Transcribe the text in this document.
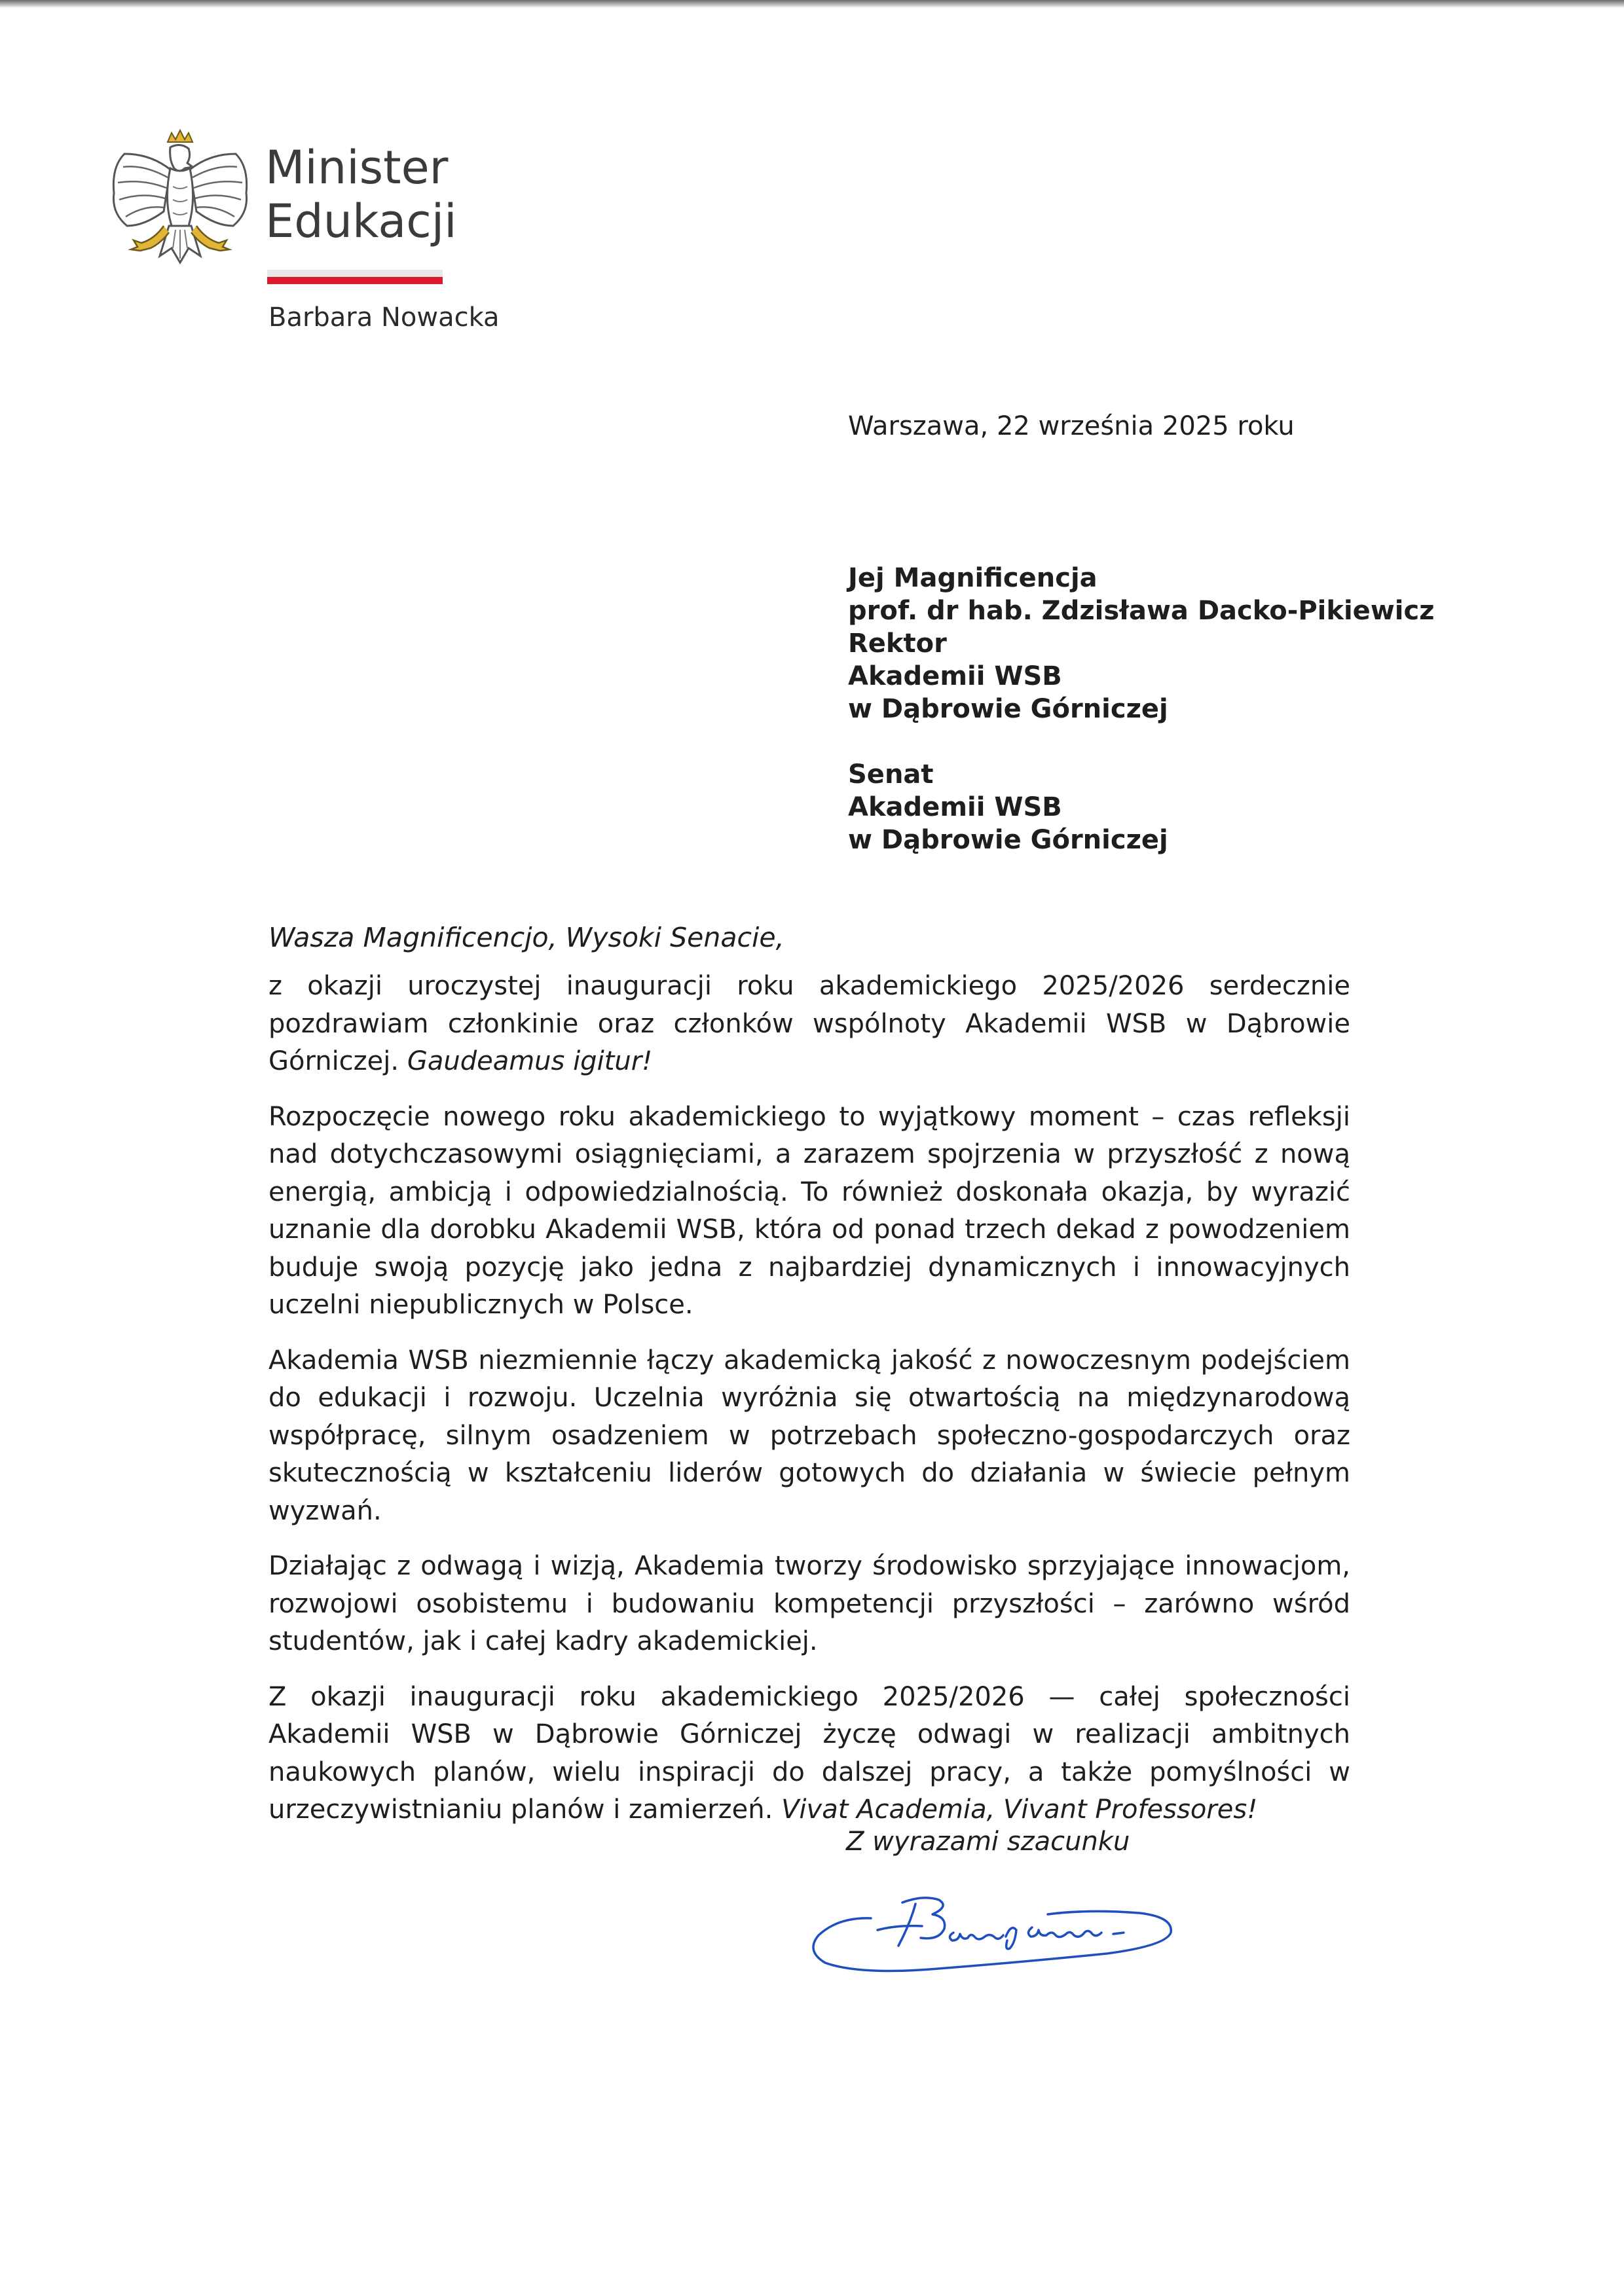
Minister
Edukacji
Barbara Nowacka
Warszawa, 22 września 2025 roku
Jej Magnificencja
prof. dr hab. Zdzisława Dacko-Pikiewicz
Rektor
Akademii WSB
w Dąbrowie Górniczej
Senat
Akademii WSB
w Dąbrowie Górniczej
Wasza Magnificencjo, Wysoki Senacie,

z okazji uroczystej inauguracji roku akademickiego 2025/2026 serdecznie pozdrawiam członkinie oraz członków wspólnoty Akademii WSB w Dąbrowie Górniczej. Gaudeamus igitur!

Rozpoczęcie nowego roku akademickiego to wyjątkowy moment – czas refleksji nad dotychczasowymi osiągnięciami, a zarazem spojrzenia w przyszłość z nową energią, ambicją i odpowiedzialnością. To również doskonała okazja, by wyrazić uznanie dla dorobku Akademii WSB, która od ponad trzech dekad z powodzeniem buduje swoją pozycję jako jedna z najbardziej dynamicznych i innowacyjnych uczelni niepublicznych w Polsce.

Akademia WSB niezmiennie łączy akademicką jakość z nowoczesnym podejściem do edukacji i rozwoju. Uczelnia wyróżnia się otwartością na międzynarodową współpracę, silnym osadzeniem w potrzebach społeczno-gospodarczych oraz skutecznością w kształceniu liderów gotowych do działania w świecie pełnym wyzwań.

Działając z odwagą i wizją, Akademia tworzy środowisko sprzyjające innowacjom, rozwojowi osobistemu i budowaniu kompetencji przyszłości – zarówno wśród studentów, jak i całej kadry akademickiej.

Z okazji inauguracji roku akademickiego 2025/2026 — całej społeczności Akademii WSB w Dąbrowie Górniczej życzę odwagi w realizacji ambitnych naukowych planów, wielu inspiracji do dalszej pracy, a także pomyślności w urzeczywistnianiu planów i zamierzeń. Vivat Academia, Vivant Professores!

Z wyrazami szacunku
